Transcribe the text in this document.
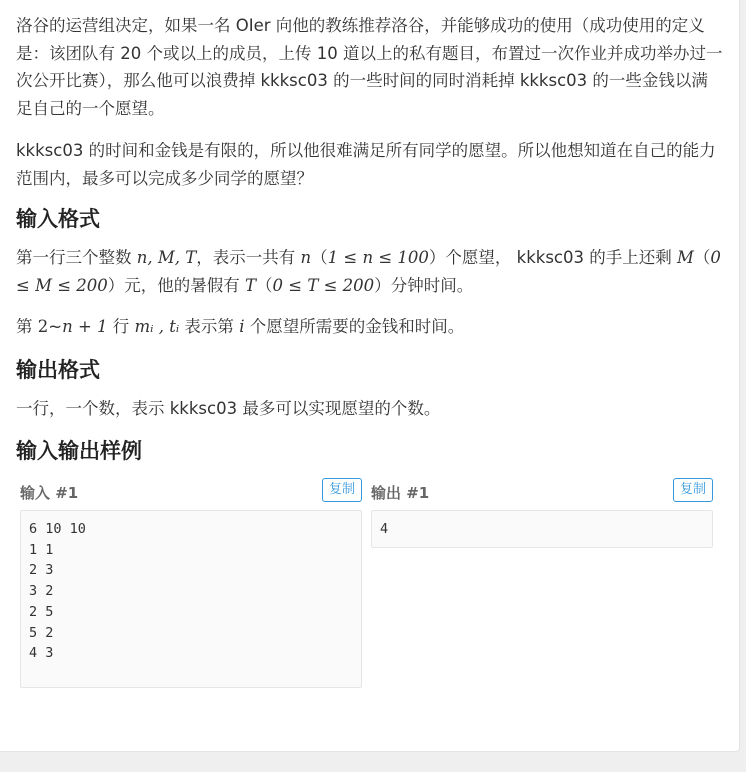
洛谷的运营组决定，如果一名 OIer 向他的教练推荐洛谷，并能够成功的使用（成功使用的定义是：该团队有 20 个或以上的成员，上传 10 道以上的私有题目，布置过一次作业并成功举办过一次公开比赛），那么他可以浪费掉 kkksc03 的一些时间的同时消耗掉 kkksc03 的一些金钱以满足自己的一个愿望。

kkksc03 的时间和金钱是有限的，所以他很难满足所有同学的愿望。所以他想知道在自己的能力范围内，最多可以完成多少同学的愿望？

输入格式

第一行三个整数 n, M, T，表示一共有 n（1 ≤ n ≤ 100）个愿望， kkksc03 的手上还剩 M（0 ≤ M ≤ 200）元，他的暑假有 T（0 ≤ T ≤ 200）分钟时间。

第 2~n + 1 行 mᵢ , tᵢ 表示第 i 个愿望所需要的金钱和时间。

输出格式

一行，一个数，表示 kkksc03 最多可以实现愿望的个数。

输入输出样例
输入 #1	复制
6 10 10
1 1
2 3
3 2
2 5
5 2
4 3
输出 #1	复制
4
